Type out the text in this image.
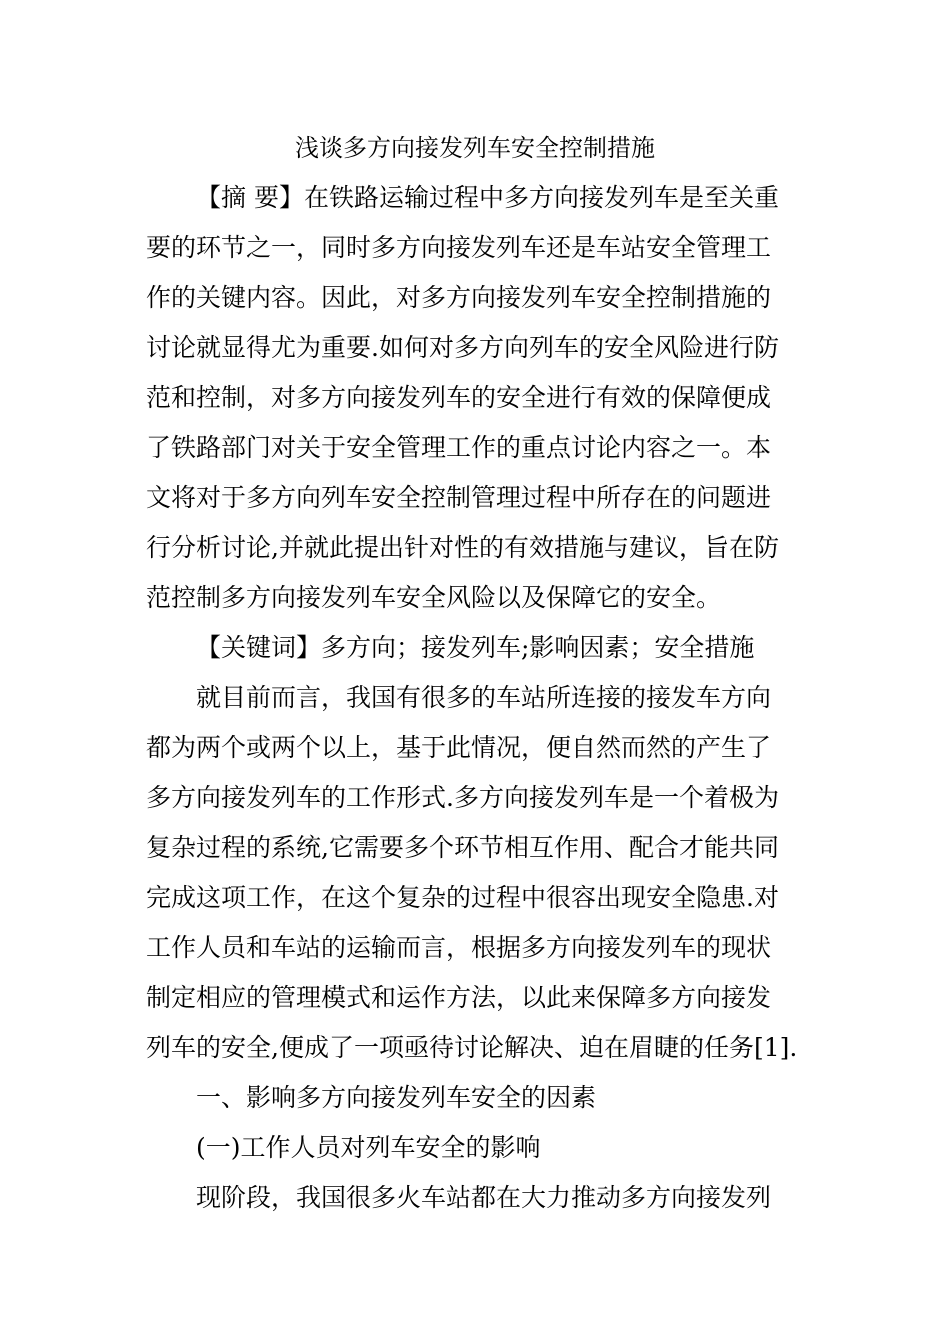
浅谈多方向接发列车安全控制措施
【摘 要】在铁路运输过程中多方向接发列车是至关重
要的环节之一，同时多方向接发列车还是车站安全管理工
作的关键内容。因此，对多方向接发列车安全控制措施的
讨论就显得尤为重要.如何对多方向列车的安全风险进行防
范和控制，对多方向接发列车的安全进行有效的保障便成
了铁路部门对关于安全管理工作的重点讨论内容之一。本
文将对于多方向列车安全控制管理过程中所存在的问题进
行分析讨论,并就此提出针对性的有效措施与建议，旨在防
范控制多方向接发列车安全风险以及保障它的安全。
【关键词】多方向；接发列车;影响因素；安全措施
就目前而言，我国有很多的车站所连接的接发车方向
都为两个或两个以上，基于此情况，便自然而然的产生了
多方向接发列车的工作形式.多方向接发列车是一个着极为
复杂过程的系统,它需要多个环节相互作用、配合才能共同
完成这项工作，在这个复杂的过程中很容出现安全隐患.对
工作人员和车站的运输而言，根据多方向接发列车的现状
制定相应的管理模式和运作方法，以此来保障多方向接发
列车的安全,便成了一项亟待讨论解决、迫在眉睫的任务[1].
一、影响多方向接发列车安全的因素
(一)工作人员对列车安全的影响
现阶段，我国很多火车站都在大力推动多方向接发列
